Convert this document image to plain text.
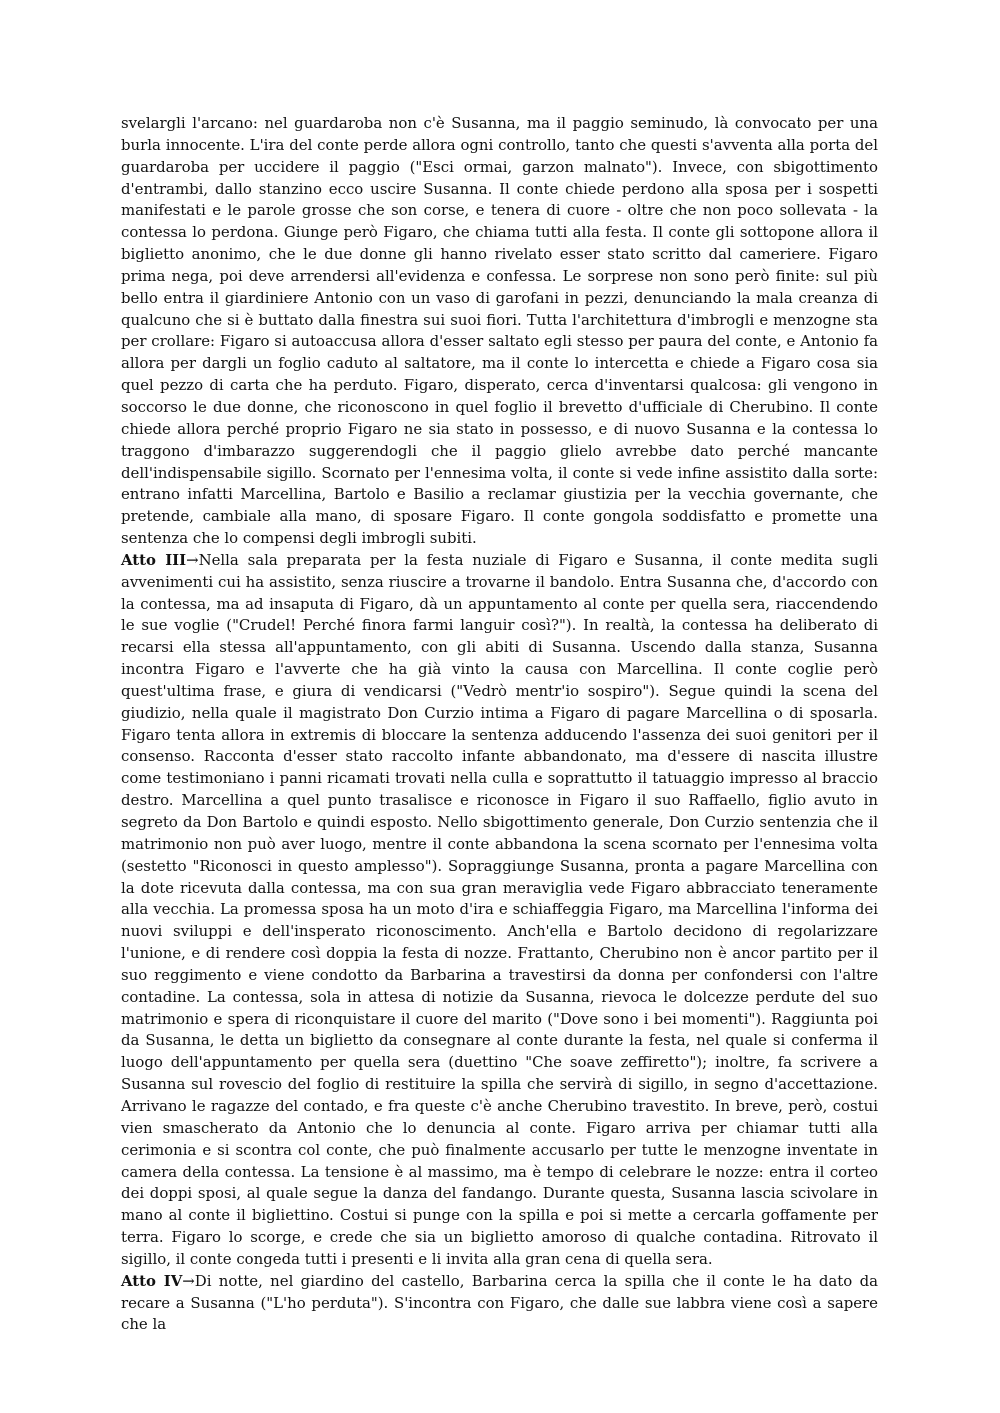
svelargli l'arcano: nel guardaroba non c'è Susanna, ma il paggio seminudo, là convocato per una burla innocente. L'ira del conte perde allora ogni controllo, tanto che questi s'avventa alla porta del guardaroba per uccidere il paggio ("Esci ormai, garzon malnato"). Invece, con sbigottimento d'entrambi, dallo stanzino ecco uscire Susanna. Il conte chiede perdono alla sposa per i sospetti manifestati e le parole grosse che son corse, e tenera di cuore - oltre che non poco sollevata - la contessa lo perdona. Giunge però Figaro, che chiama tutti alla festa. Il conte gli sottopone allora il biglietto anonimo, che le due donne gli hanno rivelato esser stato scritto dal cameriere. Figaro prima nega, poi deve arrendersi all'evidenza e confessa. Le sorprese non sono però finite: sul più bello entra il giardiniere Antonio con un vaso di garofani in pezzi, denunciando la mala creanza di qualcuno che si è buttato dalla finestra sui suoi fiori. Tutta l'architettura d'imbrogli e menzogne sta per crollare: Figaro si autoaccusa allora d'esser saltato egli stesso per paura del conte, e Antonio fa allora per dargli un foglio caduto al saltatore, ma il conte lo intercetta e chiede a Figaro cosa sia quel pezzo di carta che ha perduto. Figaro, disperato, cerca d'inventarsi qualcosa: gli vengono in soccorso le due donne, che riconoscono in quel foglio il brevetto d'ufficiale di Cherubino. Il conte chiede allora perché proprio Figaro ne sia stato in possesso, e di nuovo Susanna e la contessa lo traggono d'imbarazzo suggerendogli che il paggio glielo avrebbe dato perché mancante dell'indispensabile sigillo. Scornato per l'ennesima volta, il conte si vede infine assistito dalla sorte: entrano infatti Marcellina, Bartolo e Basilio a reclamar giustizia per la vecchia governante, che pretende, cambiale alla mano, di sposare Figaro. Il conte gongola soddisfatto e promette una sentenza che lo compensi degli imbrogli subiti.

Atto III→Nella sala preparata per la festa nuziale di Figaro e Susanna, il conte medita sugli avvenimenti cui ha assistito, senza riuscire a trovarne il bandolo. Entra Susanna che, d'accordo con la contessa, ma ad insaputa di Figaro, dà un appuntamento al conte per quella sera, riaccendendo le sue voglie ("Crudel! Perché finora farmi languir così?"). In realtà, la contessa ha deliberato di recarsi ella stessa all'appuntamento, con gli abiti di Susanna. Uscendo dalla stanza, Susanna incontra Figaro e l'avverte che ha già vinto la causa con Marcellina. Il conte coglie però quest'ultima frase, e giura di vendicarsi ("Vedrò mentr'io sospiro"). Segue quindi la scena del giudizio, nella quale il magistrato Don Curzio intima a Figaro di pagare Marcellina o di sposarla. Figaro tenta allora in extremis di bloccare la sentenza adducendo l'assenza dei suoi genitori per il consenso. Racconta d'esser stato raccolto infante abbandonato, ma d'essere di nascita illustre come testimoniano i panni ricamati trovati nella culla e soprattutto il tatuaggio impresso al braccio destro. Marcellina a quel punto trasalisce e riconosce in Figaro il suo Raffaello, figlio avuto in segreto da Don Bartolo e quindi esposto. Nello sbigottimento generale, Don Curzio sentenzia che il matrimonio non può aver luogo, mentre il conte abbandona la scena scornato per l'ennesima volta (sestetto "Riconosci in questo amplesso"). Sopraggiunge Susanna, pronta a pagare Marcellina con la dote ricevuta dalla contessa, ma con sua gran meraviglia vede Figaro abbracciato teneramente alla vecchia. La promessa sposa ha un moto d'ira e schiaffeggia Figaro, ma Marcellina l'informa dei nuovi sviluppi e dell'insperato riconoscimento. Anch'ella e Bartolo decidono di regolarizzare l'unione, e di rendere così doppia la festa di nozze. Frattanto, Cherubino non è ancor partito per il suo reggimento e viene condotto da Barbarina a travestirsi da donna per confondersi con l'altre contadine. La contessa, sola in attesa di notizie da Susanna, rievoca le dolcezze perdute del suo matrimonio e spera di riconquistare il cuore del marito ("Dove sono i bei momenti"). Raggiunta poi da Susanna, le detta un biglietto da consegnare al conte durante la festa, nel quale si conferma il luogo dell'appuntamento per quella sera (duettino "Che soave zeffiretto"); inoltre, fa scrivere a Susanna sul rovescio del foglio di restituire la spilla che servirà di sigillo, in segno d'accettazione. Arrivano le ragazze del contado, e fra queste c'è anche Cherubino travestito. In breve, però, costui vien smascherato da Antonio che lo denuncia al conte. Figaro arriva per chiamar tutti alla cerimonia e si scontra col conte, che può finalmente accusarlo per tutte le menzogne inventate in camera della contessa. La tensione è al massimo, ma è tempo di celebrare le nozze: entra il corteo dei doppi sposi, al quale segue la danza del fandango. Durante questa, Susanna lascia scivolare in mano al conte il bigliettino. Costui si punge con la spilla e poi si mette a cercarla goffamente per terra. Figaro lo scorge, e crede che sia un biglietto amoroso di qualche contadina. Ritrovato il sigillo, il conte congeda tutti i presenti e li invita alla gran cena di quella sera.

Atto IV→Di notte, nel giardino del castello, Barbarina cerca la spilla che il conte le ha dato da recare a Susanna ("L'ho perduta"). S'incontra con Figaro, che dalle sue labbra viene così a sapere che la
